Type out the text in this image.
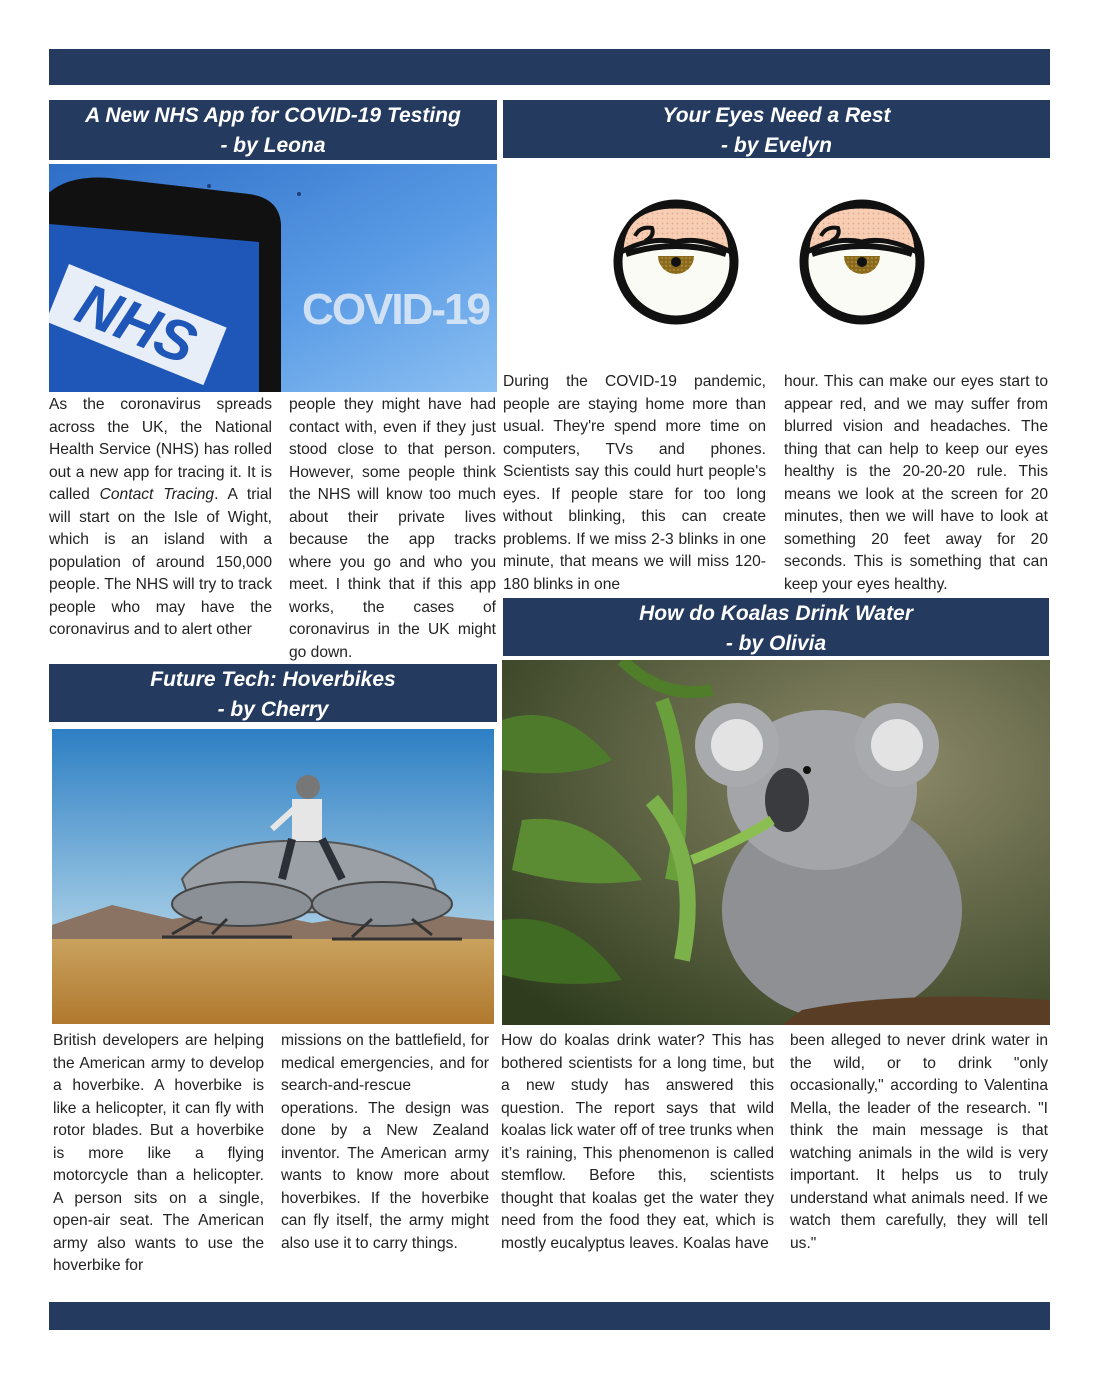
A New NHS App for COVID-19 Testing
- by Leona
NHS COVID-19
As the coronavirus spreads across the UK, the National Health Service (NHS) has rolled out a new app for tracing it. It is called Contact Tracing. A trial will start on the Isle of Wight, which is an island with a population of around 150,000 people. The NHS will try to track people who may have the coronavirus and to alert other
people they might have had contact with, even if they just stood close to that person. However, some people think the NHS will know too much about their private lives because the app tracks where you go and who you meet. I think that if this app works, the cases of coronavirus in the UK might go down.
Your Eyes Need a Rest
- by Evelyn
During the COVID-19 pandemic, people are staying home more than usual. They're spend more time on computers, TVs and phones. Scientists say this could hurt people's eyes. If people stare for too long without blinking, this can create problems. If we miss 2-3 blinks in one minute, that means we will miss 120-180 blinks in one
hour. This can make our eyes start to appear red, and we may suffer from blurred vision and headaches. The thing that can help to keep our eyes healthy is the 20-20-20 rule. This means we look at the screen for 20 minutes, then we will have to look at something 20 feet away for 20 seconds. This is something that can keep your eyes healthy.
Future Tech: Hoverbikes
- by Cherry
British developers are helping the American army to develop a hoverbike. A hoverbike is like a helicopter, it can fly with rotor blades. But a hoverbike is more like a flying motorcycle than a helicopter. A person sits on a single, open-air seat. The American army also wants to use the hoverbike for
missions on the battlefield, for medical emergencies, and for search-and-rescue operations. The design was done by a New Zealand inventor. The American army wants to know more about hoverbikes. If the hoverbike can fly itself, the army might also use it to carry things.
How do Koalas Drink Water
- by Olivia
How do koalas drink water? This has bothered scientists for a long time, but a new study has answered this question. The report says that wild koalas lick water off of tree trunks when it’s raining, This phenomenon is called stemflow. Before this, scientists thought that koalas get the water they need from the food they eat, which is mostly eucalyptus leaves. Koalas have
been alleged to never drink water in the wild, or to drink "only occasionally," according to Valentina Mella, the leader of the research. "I think the main message is that watching animals in the wild is very important. It helps us to truly understand what animals need. If we watch them carefully, they will tell us."
